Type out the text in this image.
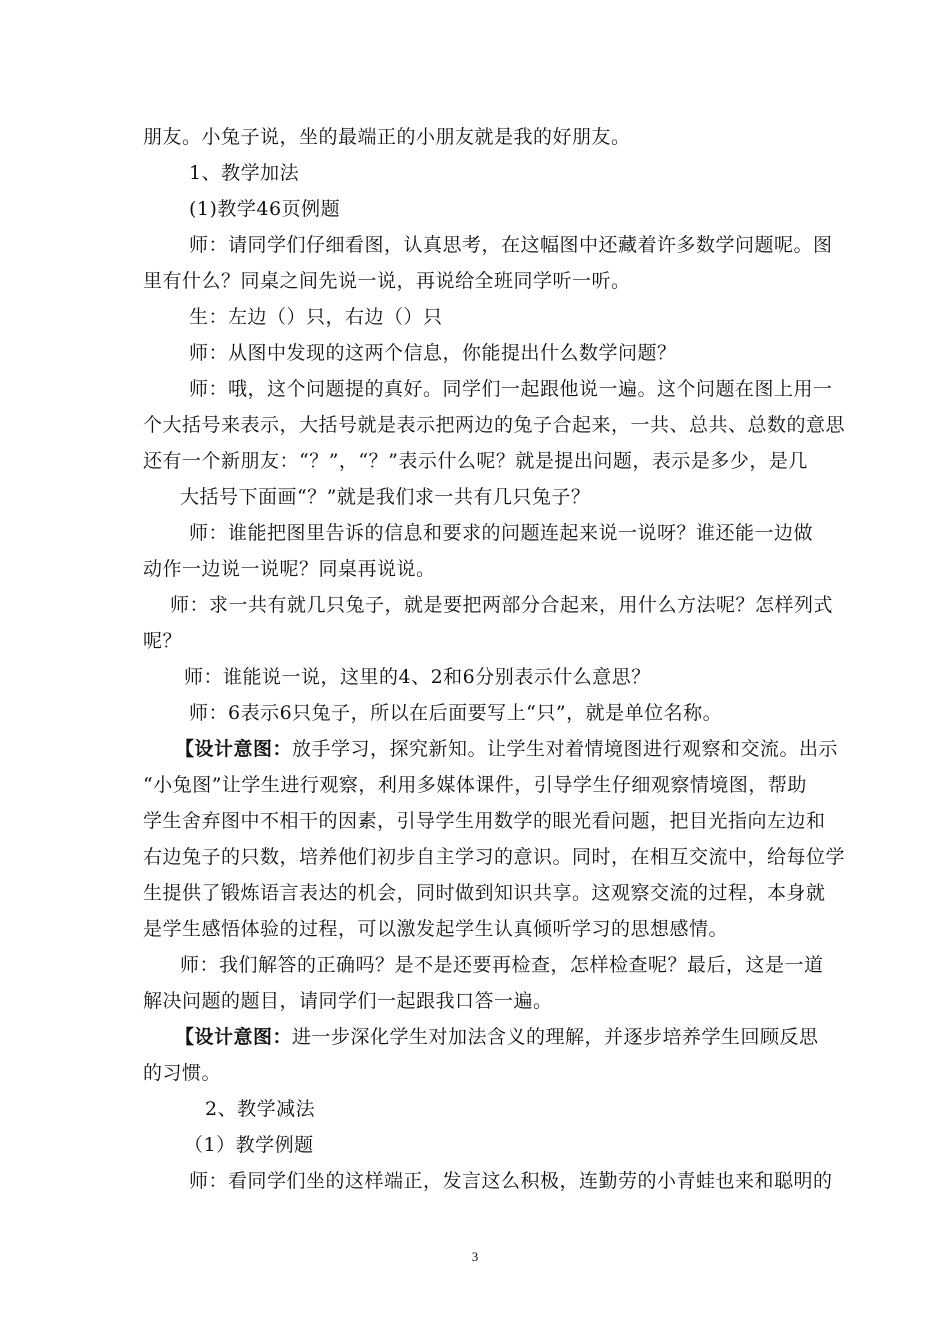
朋友。小兔子说，坐的最端正的小朋友就是我的好朋友。
1、教学加法
(1)教学46页例题
师：请同学们仔细看图，认真思考，在这幅图中还藏着许多数学问题呢。图
里有什么？同桌之间先说一说，再说给全班同学听一听。
生：左边（）只，右边（）只
师：从图中发现的这两个信息，你能提出什么数学问题？
师：哦，这个问题提的真好。同学们一起跟他说一遍。这个问题在图上用一
个大括号来表示，大括号就是表示把两边的兔子合起来，一共、总共、总数的意思
还有一个新朋友：“？”，“？”表示什么呢？就是提出问题，表示是多少，是几
大括号下面画“？”就是我们求一共有几只兔子？
师：谁能把图里告诉的信息和要求的问题连起来说一说呀？谁还能一边做
动作一边说一说呢？同桌再说说。
师：求一共有就几只兔子，就是要把两部分合起来，用什么方法呢？怎样列式
呢？
师：谁能说一说，这里的4、2和6分别表示什么意思？
师：6表示6只兔子，所以在后面要写上“只”，就是单位名称。
【设计意图：放手学习，探究新知。让学生对着情境图进行观察和交流。出示
“小兔图”让学生进行观察，利用多媒体课件，引导学生仔细观察情境图，帮助
学生舍弃图中不相干的因素，引导学生用数学的眼光看问题，把目光指向左边和
右边兔子的只数，培养他们初步自主学习的意识。同时，在相互交流中，给每位学
生提供了锻炼语言表达的机会，同时做到知识共享。这观察交流的过程，本身就
是学生感悟体验的过程，可以激发起学生认真倾听学习的思想感情。
师：我们解答的正确吗？是不是还要再检查，怎样检查呢？最后，这是一道
解决问题的题目，请同学们一起跟我口答一遍。
【设计意图：进一步深化学生对加法含义的理解，并逐步培养学生回顾反思
的习惯。
2、教学减法
（1）教学例题
师：看同学们坐的这样端正，发言这么积极，连勤劳的小青蛙也来和聪明的
3
